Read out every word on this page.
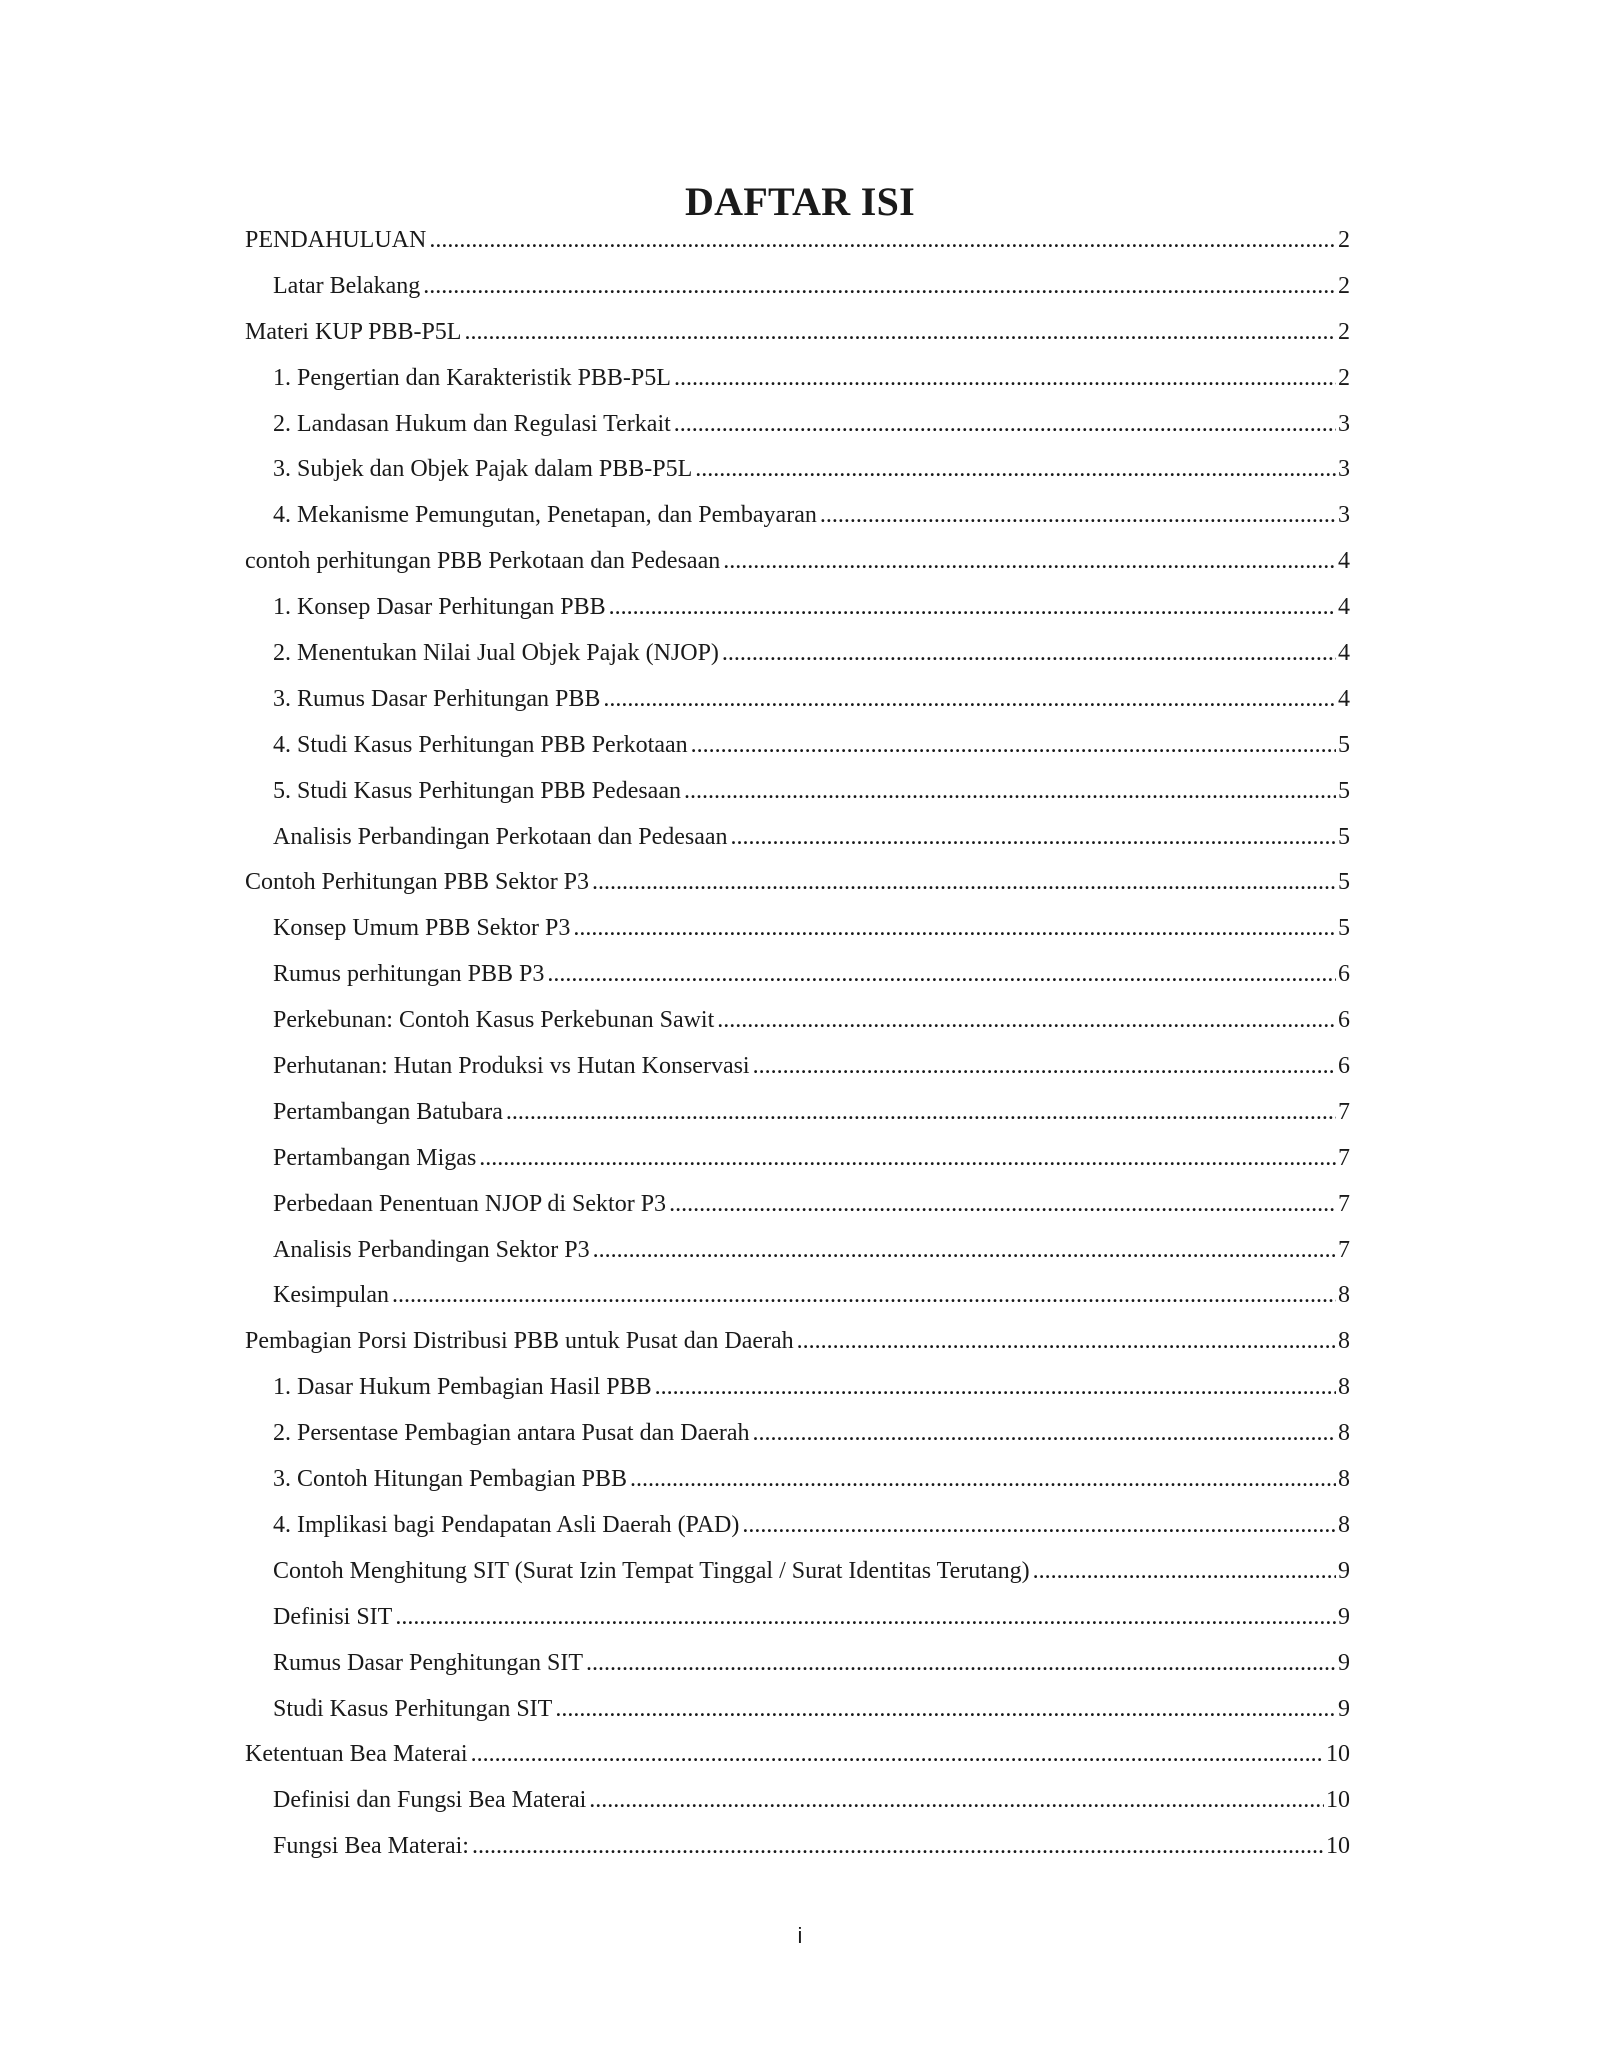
DAFTAR ISI
PENDAHULUAN .....	2
Latar Belakang .....	2
Materi KUP PBB-P5L .....	2
1. Pengertian dan Karakteristik PBB-P5L .....	2
2. Landasan Hukum dan Regulasi Terkait .....	3
3. Subjek dan Objek Pajak dalam PBB-P5L .....	3
4. Mekanisme Pemungutan, Penetapan, dan Pembayaran .....	3
contoh perhitungan PBB Perkotaan dan Pedesaan .....	4
1. Konsep Dasar Perhitungan PBB .....	4
2. Menentukan Nilai Jual Objek Pajak (NJOP) .....	4
3. Rumus Dasar Perhitungan PBB .....	4
4. Studi Kasus Perhitungan PBB Perkotaan .....	5
5. Studi Kasus Perhitungan PBB Pedesaan .....	5
Analisis Perbandingan Perkotaan dan Pedesaan .....	5
Contoh Perhitungan PBB Sektor P3 .....	5
Konsep Umum PBB Sektor P3 .....	5
Rumus perhitungan PBB P3 .....	6
Perkebunan: Contoh Kasus Perkebunan Sawit .....	6
Perhutanan: Hutan Produksi vs Hutan Konservasi .....	6
Pertambangan Batubara .....	7
Pertambangan Migas .....	7
Perbedaan Penentuan NJOP di Sektor P3 .....	7
Analisis Perbandingan Sektor P3 .....	7
Kesimpulan .....	8
Pembagian Porsi Distribusi PBB untuk Pusat dan Daerah .....	8
1. Dasar Hukum Pembagian Hasil PBB .....	8
2. Persentase Pembagian antara Pusat dan Daerah .....	8
3. Contoh Hitungan Pembagian PBB .....	8
4. Implikasi bagi Pendapatan Asli Daerah (PAD) .....	8
Contoh Menghitung SIT (Surat Izin Tempat Tinggal / Surat Identitas Terutang) .....	9
Definisi SIT .....	9
Rumus Dasar Penghitungan SIT .....	9
Studi Kasus Perhitungan SIT .....	9
Ketentuan Bea Materai .....	10
Definisi dan Fungsi Bea Materai .....	10
Fungsi Bea Materai: .....	10
i
